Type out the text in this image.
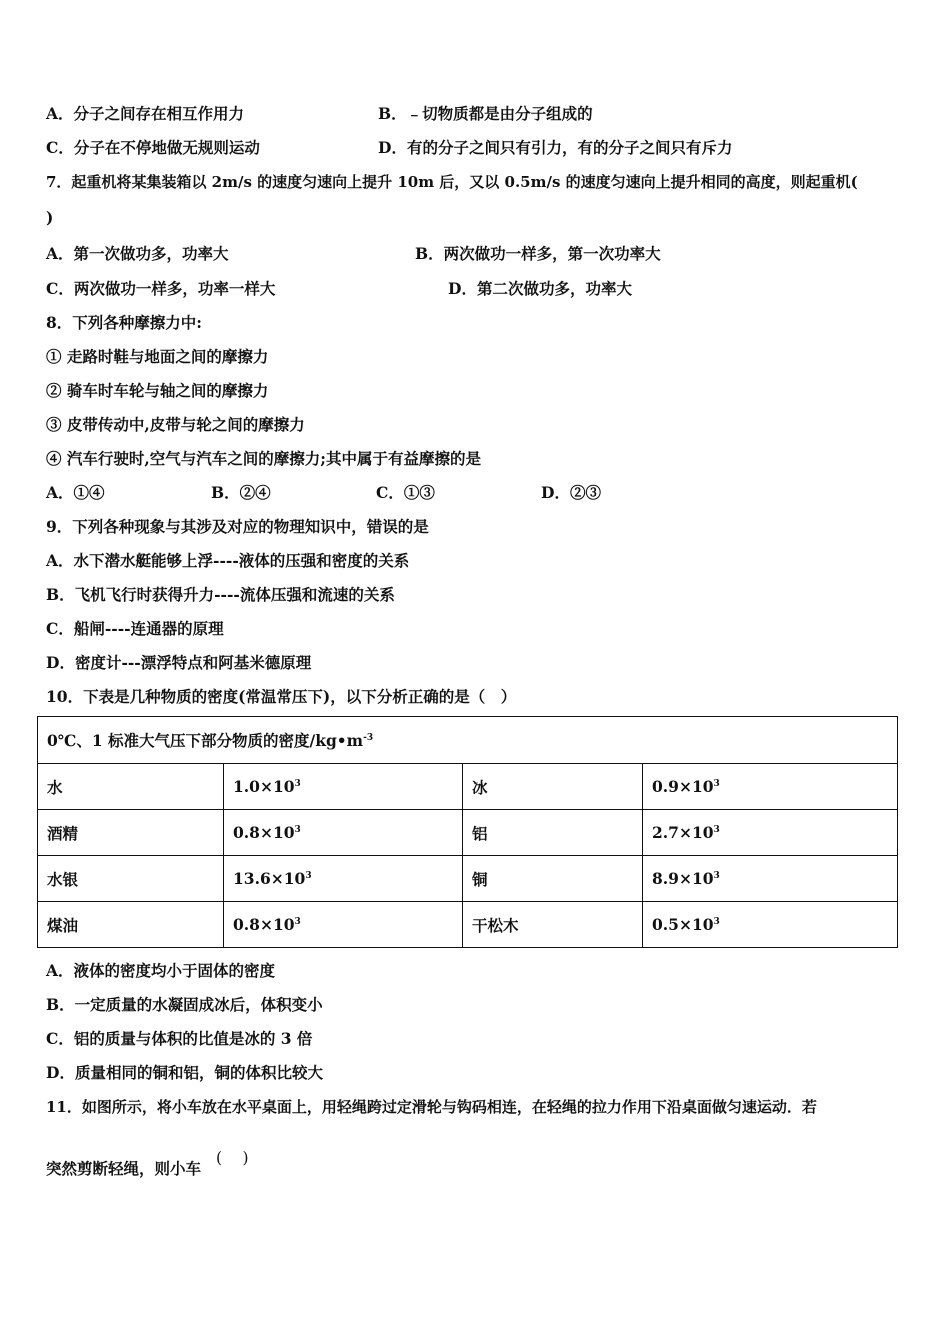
A．分子之间存在相互作用力	B．﹣切物质都是由分子组成的
C．分子在不停地做无规则运动	D．有的分子之间只有引力，有的分子之间只有斥力
7．起重机将某集装箱以 2m/s 的速度匀速向上提升 10m 后，又以 0.5m/s 的速度匀速向上提升相同的高度，则起重机(
)
A．第一次做功多，功率大	B．两次做功一样多，第一次功率大
C．两次做功一样多，功率一样大	D．第二次做功多，功率大
8．下列各种摩擦力中:
① 走路时鞋与地面之间的摩擦力
② 骑车时车轮与轴之间的摩擦力
③ 皮带传动中,皮带与轮之间的摩擦力
④ 汽车行驶时,空气与汽车之间的摩擦力;其中属于有益摩擦的是
A．①④	B．②④	C．①③	D．②③
9．下列各种现象与其涉及对应的物理知识中，错误的是
A．水下潜水艇能够上浮----液体的压强和密度的关系
B．飞机飞行时获得升力----流体压强和流速的关系
C．船闸----连通器的原理
D．密度计---漂浮特点和阿基米德原理
10．下表是几种物质的密度(常温常压下)，以下分析正确的是（　）
0℃、1 标准大气压下部分物质的密度$/kg•m^{-3}$
水	$1.0\times 10^3$	冰	$0.9\times 10^3$
酒精	$0.8\times 10^3$	铝	$2.7\times 10^3$
水银	$13.6\times 10^3$	铜	$8.9\times 10^3$
煤油	$0.8\times 10^3$	干松木	$0.5\times 10^3$
A．液体的密度均小于固体的密度
B．一定质量的水凝固成冰后，体积变小
C．铝的质量与体积的比值是冰的 3 倍
D．质量相同的铜和铝，铜的体积比较大
11．如图所示，将小车放在水平桌面上，用轻绳跨过定滑轮与钩码相连，在轻绳的拉力作用下沿桌面做匀速运动．若
突然剪断轻绳，则小车
(　 )
